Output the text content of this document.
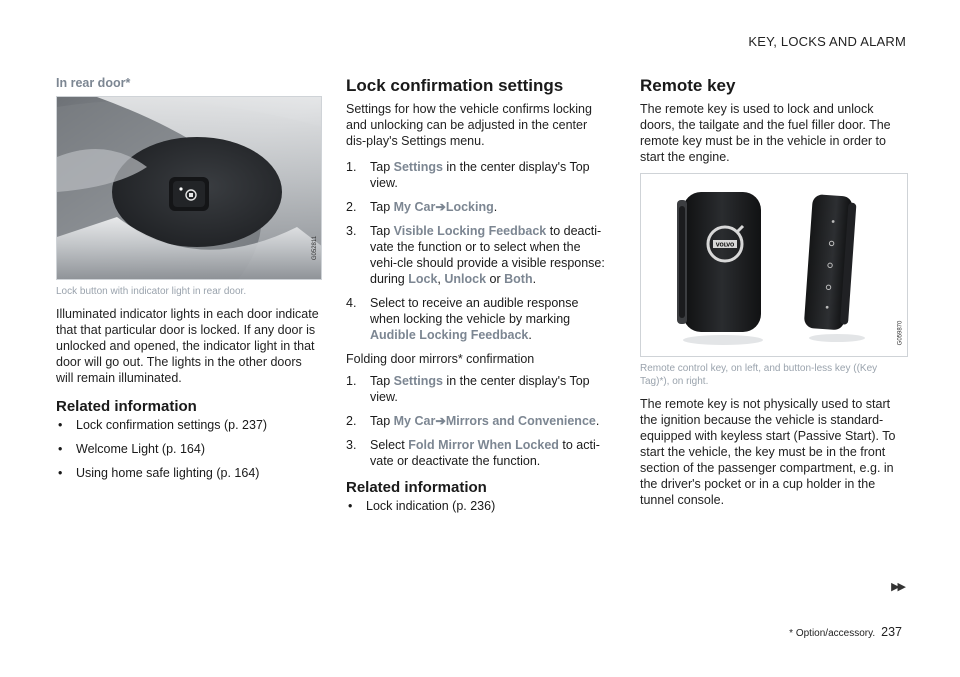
KEY, LOCKS AND ALARM
In rear door*
G052811
Lock button with indicator light in rear door.

Illuminated indicator lights in each door indicate that that particular door is locked. If any door is unlocked and opened, the indicator light in that door will go out. The lights in the other doors will remain illuminated.

Related information
• Lock confirmation settings (p. 237)
• Welcome Light (p. 164)
• Using home safe lighting (p. 164)
Lock confirmation settings

Settings for how the vehicle confirms locking and unlocking can be adjusted in the center dis-play's Settings menu.

1. Tap Settings in the center display's Top view.
2. Tap My Car➔Locking.
3. Tap Visible Locking Feedback to deacti-vate the function or to select when the vehi-cle should provide a visible response: during Lock, Unlock or Both.
4. Select to receive an audible response when locking the vehicle by marking Audible Locking Feedback.

Folding door mirrors* confirmation

1. Tap Settings in the center display's Top view.
2. Tap My Car➔Mirrors and Convenience.
3. Select Fold Mirror When Locked to acti-vate or deactivate the function.
Related information
• Lock indication (p. 236)
Remote key

The remote key is used to lock and unlock doors, the tailgate and the fuel filler door. The remote key must be in the vehicle in order to start the engine.

VOLVO
G059870
Remote control key, on left, and button-less key ((Key Tag)*), on right.

The remote key is not physically used to start the ignition because the vehicle is standard-equipped with keyless start (Passive Start). To start the vehicle, the key must be in the front section of the passenger compartment, e.g. in the driver's pocket or in a cup holder in the tunnel console.

▶▶
* Option/accessory. 237
